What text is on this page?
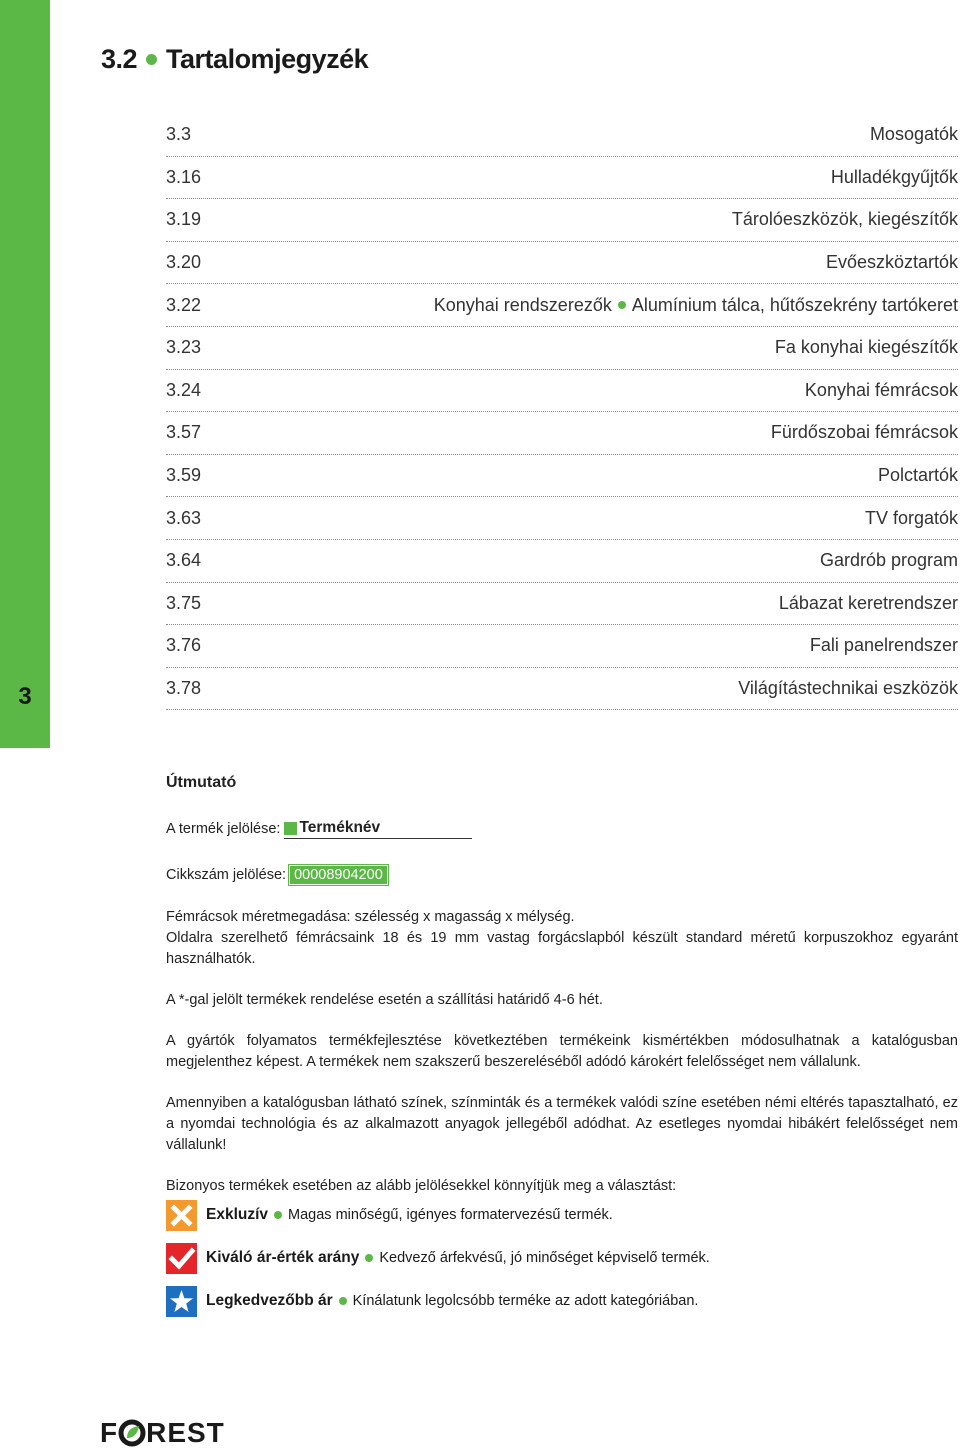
3
3.2 Tartalomjegyzék
3.3	Mosogatók
3.16	Hulladékgyűjtők
3.19	Tárolóeszközök, kiegészítők
3.20	Evőeszköztartók
3.22	Konyhai rendszerezők Alumínium tálca, hűtőszekrény tartókeret
3.23	Fa konyhai kiegészítők
3.24	Konyhai fémrácsok
3.57	Fürdőszobai fémrácsok
3.59	Polctartók
3.63	TV forgatók
3.64	Gardrób program
3.75	Lábazat keretrendszer
3.76	Fali panelrendszer
3.78	Világítástechnikai eszközök
Útmutató
A termék jelölése: Terméknév
Cikkszám jelölése: 00008904200

Fémrácsok méretmegadása: szélesség x magasság x mélység.

Oldalra szerelhető fémrácsaink 18 és 19 mm vastag forgácslapból készült standard méretű korpuszokhoz egyaránt használhatók.

A *-gal jelölt termékek rendelése esetén a szállítási határidő 4-6 hét.

A gyártók folyamatos termékfejlesztése következtében termékeink kismértékben módosulhatnak a katalógusban megjelenthez képest. A termékek nem szakszerű beszereléséből adódó károkért felelősséget nem vállalunk.

Amennyiben a katalógusban látható színek, színminták és a termékek valódi színe esetében némi eltérés tapasztalható, ez a nyomdai technológia és az alkalmazott anyagok jellegéből adódhat. Az esetleges nyomdai hibákért felelősséget nem vállalunk!

Bizonyos termékek esetében az alább jelölésekkel könnyítjük meg a választást:

Exkluzív Magas minőségű, igényes formatervezésű termék.
Kiváló ár-érték arány Kedvező árfekvésű, jó minőséget képviselő termék.
Legkedvezőbb ár Kínálatunk legolcsóbb terméke az adott kategóriában.
F REST
